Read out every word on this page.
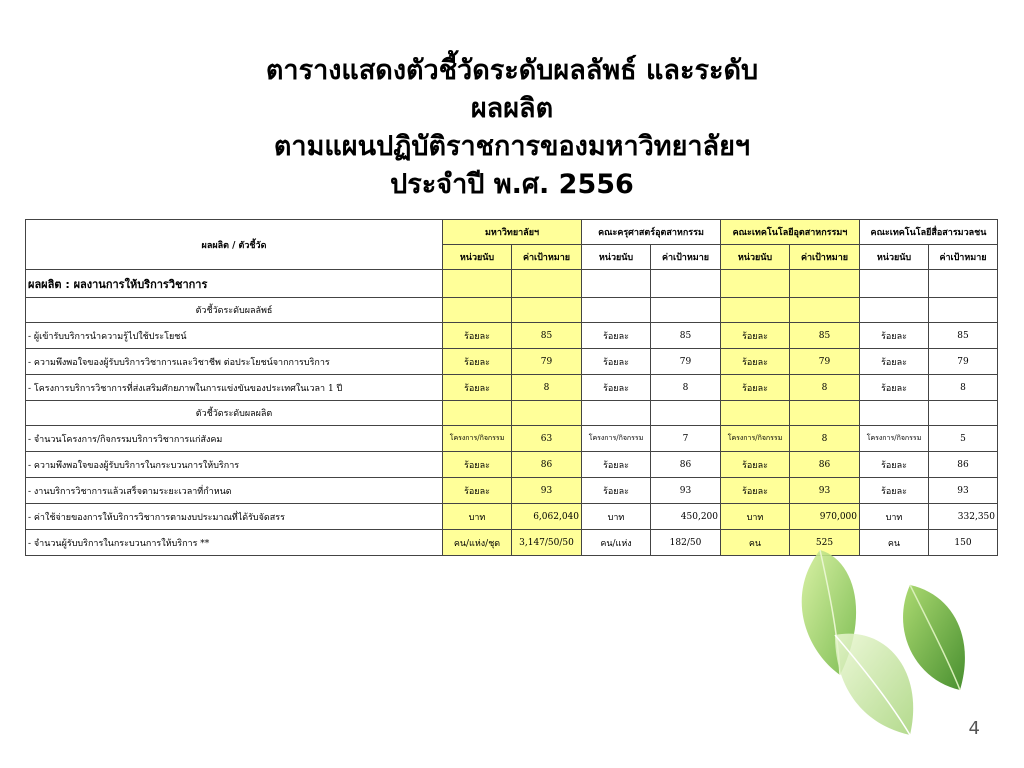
ตารางแสดงตัวชี้วัดระดับผลลัพธ์ และระดับ
ผลผลิต
ตามแผนปฏิบัติราชการของมหาวิทยาลัยฯ
ประจำปี พ.ศ. 2556
ผลผลิต / ตัวชี้วัด	มหาวิทยาลัยฯ		คณะครุศาสตร์อุตสาหกรรม		คณะเทคโนโลยีอุตสาหกรรมฯ		คณะเทคโนโลยีสื่อสารมวลชน	
	หน่วยนับ	ค่าเป้าหมาย	หน่วยนับ	ค่าเป้าหมาย	หน่วยนับ	ค่าเป้าหมาย	หน่วยนับ	ค่าเป้าหมาย
ผลผลิต : ผลงานการให้บริการวิชาการ								
ตัวชี้วัดระดับผลลัพธ์								
- ผู้เข้ารับบริการนำความรู้ไปใช้ประโยชน์	ร้อยละ	85	ร้อยละ	85	ร้อยละ	85	ร้อยละ	85
- ความพึงพอใจของผู้รับบริการวิชาการและวิชาชีพ ต่อประโยชน์จากการบริการ	ร้อยละ	79	ร้อยละ	79	ร้อยละ	79	ร้อยละ	79
- โครงการบริการวิชาการที่ส่งเสริมศักยภาพในการแข่งขันของประเทศในเวลา 1 ปี	ร้อยละ	8	ร้อยละ	8	ร้อยละ	8	ร้อยละ	8
ตัวชี้วัดระดับผลผลิต								
- จำนวนโครงการ/กิจกรรมบริการวิชาการแก่สังคม	โครงการ/กิจกรรม	63	โครงการ/กิจกรรม	7	โครงการ/กิจกรรม	8	โครงการ/กิจกรรม	5
- ความพึงพอใจของผู้รับบริการในกระบวนการให้บริการ	ร้อยละ	86	ร้อยละ	86	ร้อยละ	86	ร้อยละ	86
- งานบริการวิชาการแล้วเสร็จตามระยะเวลาที่กำหนด	ร้อยละ	93	ร้อยละ	93	ร้อยละ	93	ร้อยละ	93
- ค่าใช้จ่ายของการให้บริการวิชาการตามงบประมาณที่ได้รับจัดสรร	บาท	6,062,040	บาท	450,200	บาท	970,000	บาท	332,350
- จำนวนผู้รับบริการในกระบวนการให้บริการ **	คน/แห่ง/ชุด	3,147/50/50	คน/แห่ง	182/50	คน	525	คน	150
4
